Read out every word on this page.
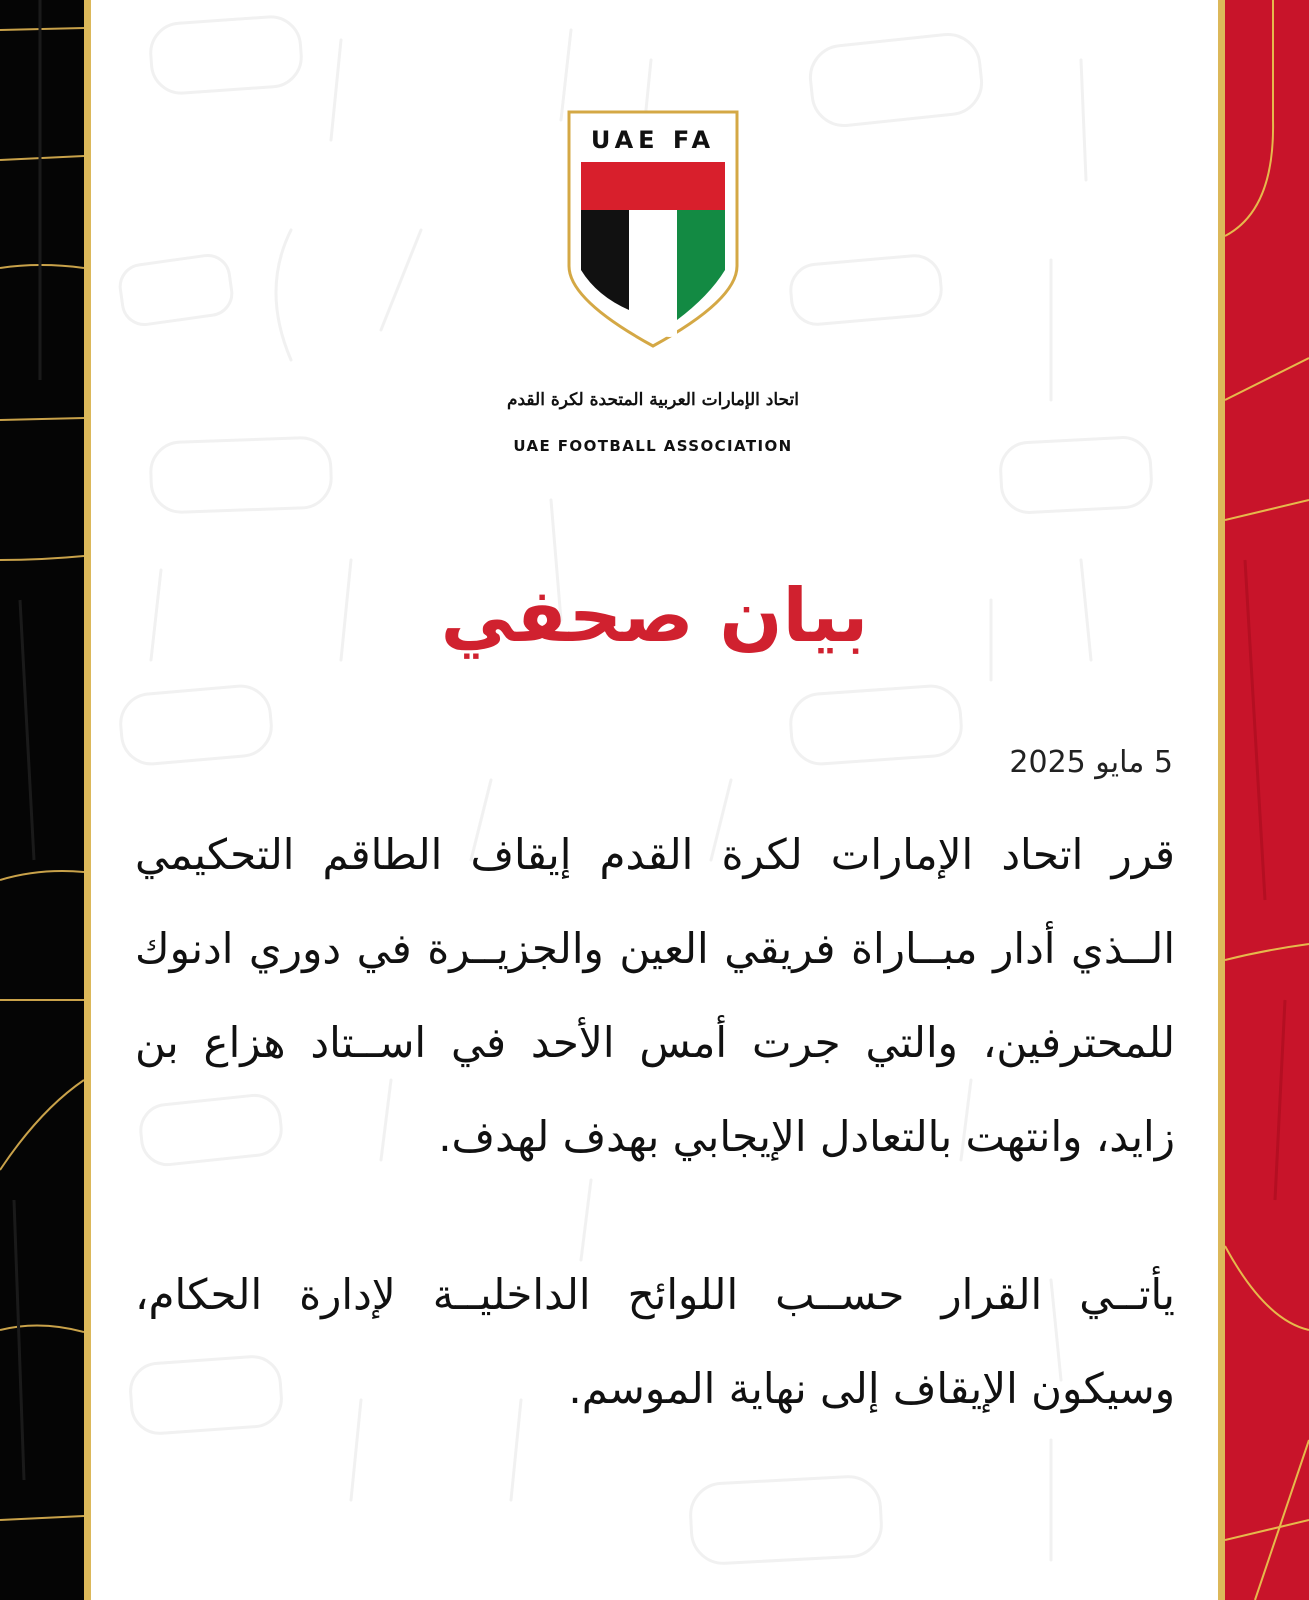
UAE FA
اتحاد الإمارات العربية المتحدة لكرة القدم
UAE FOOTBALL ASSOCIATION
بيان صحفي
5 مايو 2025
قرر اتحاد الإمارات لكرة القدم إيقاف الطاقم التحكيمي الــذي أدار مبــاراة فريقي العين والجزيــرة في دوري ادنوك للمحترفين، والتي جرت أمس الأحد في اســتاد هزاع بن زايد، وانتهت بالتعادل الإيجابي بهدف لهدف.
يأتــي القرار حســب اللوائح الداخليــة لإدارة الحكام، وسيكون الإيقاف إلى نهاية الموسم.
